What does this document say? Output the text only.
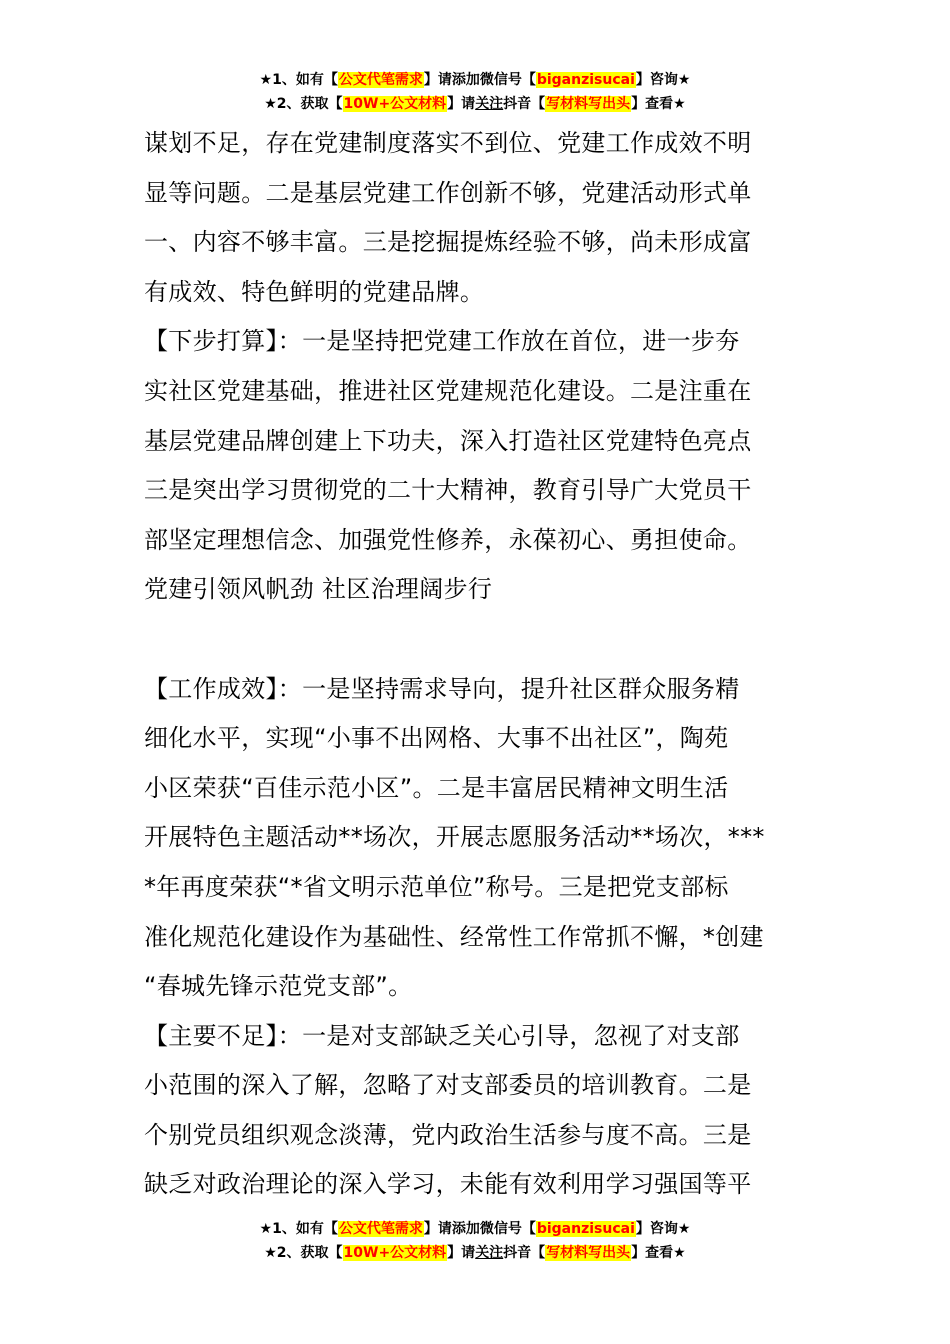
★1、如有【公文代笔需求】请添加微信号【biganzisucai】咨询★
★2、获取【10W+公文材料】请关注抖音【写材料写出头】查看★
谋划不足，存在党建制度落实不到位、党建工作成效不明
显等问题。二是基层党建工作创新不够，党建活动形式单
一、内容不够丰富。三是挖掘提炼经验不够，尚未形成富
有成效、特色鲜明的党建品牌。
【下步打算】：一是坚持把党建工作放在首位，进一步夯
实社区党建基础，推进社区党建规范化建设。二是注重在
基层党建品牌创建上下功夫，深入打造社区党建特色亮点
三是突出学习贯彻党的二十大精神，教育引导广大党员干
部坚定理想信念、加强党性修养，永葆初心、勇担使命。
党建引领风帆劲 社区治理阔步行
【工作成效】：一是坚持需求导向，提升社区群众服务精
细化水平，实现“小事不出网格、大事不出社区”，陶苑
小区荣获“百佳示范小区”。二是丰富居民精神文明生活
开展特色主题活动**场次，开展志愿服务活动**场次，***
*年再度荣获“*省文明示范单位”称号。三是把党支部标
准化规范化建设作为基础性、经常性工作常抓不懈，*创建
“春城先锋示范党支部”。
【主要不足】：一是对支部缺乏关心引导，忽视了对支部
小范围的深入了解，忽略了对支部委员的培训教育。二是
个别党员组织观念淡薄，党内政治生活参与度不高。三是
缺乏对政治理论的深入学习，未能有效利用学习强国等平
★1、如有【公文代笔需求】请添加微信号【biganzisucai】咨询★
★2、获取【10W+公文材料】请关注抖音【写材料写出头】查看★
